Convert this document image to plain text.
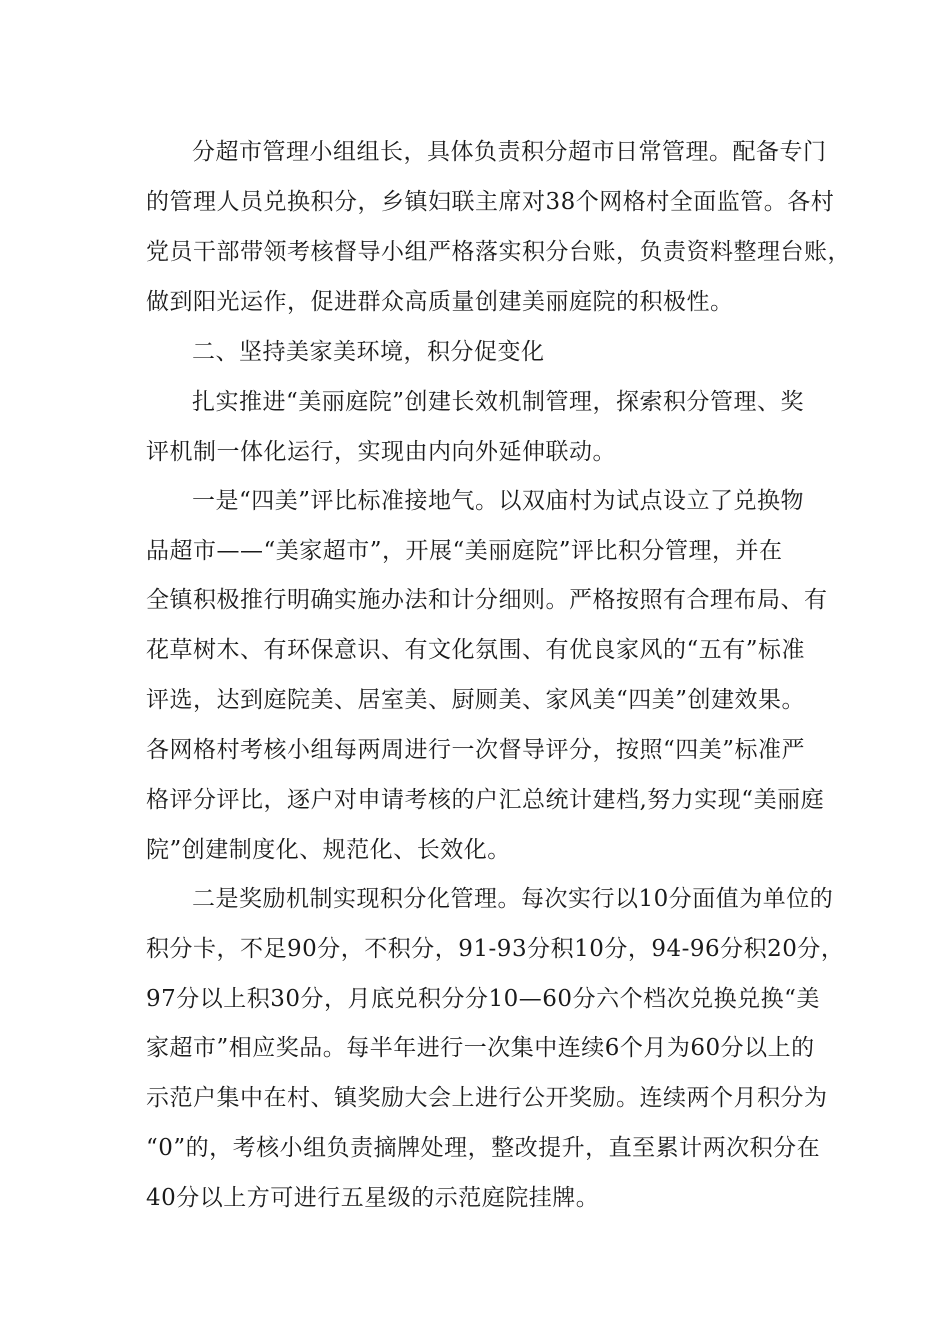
分超市管理小组组长，具体负责积分超市日常管理。配备专门
的管理人员兑换积分，乡镇妇联主席对38个网格村全面监管。各村
党员干部带领考核督导小组严格落实积分台账，负责资料整理台账，
做到阳光运作，促进群众高质量创建美丽庭院的积极性。
二、坚持美家美环境，积分促变化
扎实推进“美丽庭院”创建长效机制管理，探索积分管理、奖
评机制一体化运行，实现由内向外延伸联动。
一是“四美”评比标准接地气。以双庙村为试点设立了兑换物
品超市——“美家超市”，开展“美丽庭院”评比积分管理，并在
全镇积极推行明确实施办法和计分细则。严格按照有合理布局、有
花草树木、有环保意识、有文化氛围、有优良家风的“五有”标准
评选，达到庭院美、居室美、厨厕美、家风美“四美”创建效果。
各网格村考核小组每两周进行一次督导评分，按照“四美”标准严
格评分评比，逐户对申请考核的户汇总统计建档,努力实现“美丽庭
院”创建制度化、规范化、长效化。
二是奖励机制实现积分化管理。每次实行以10分面值为单位的
积分卡，不足90分，不积分，91-93分积10分，94-96分积20分，
97分以上积30分，月底兑积分分10—60分六个档次兑换兑换“美
家超市”相应奖品。每半年进行一次集中连续6个月为60分以上的
示范户集中在村、镇奖励大会上进行公开奖励。连续两个月积分为
“0”的，考核小组负责摘牌处理，整改提升，直至累计两次积分在
40分以上方可进行五星级的示范庭院挂牌。
